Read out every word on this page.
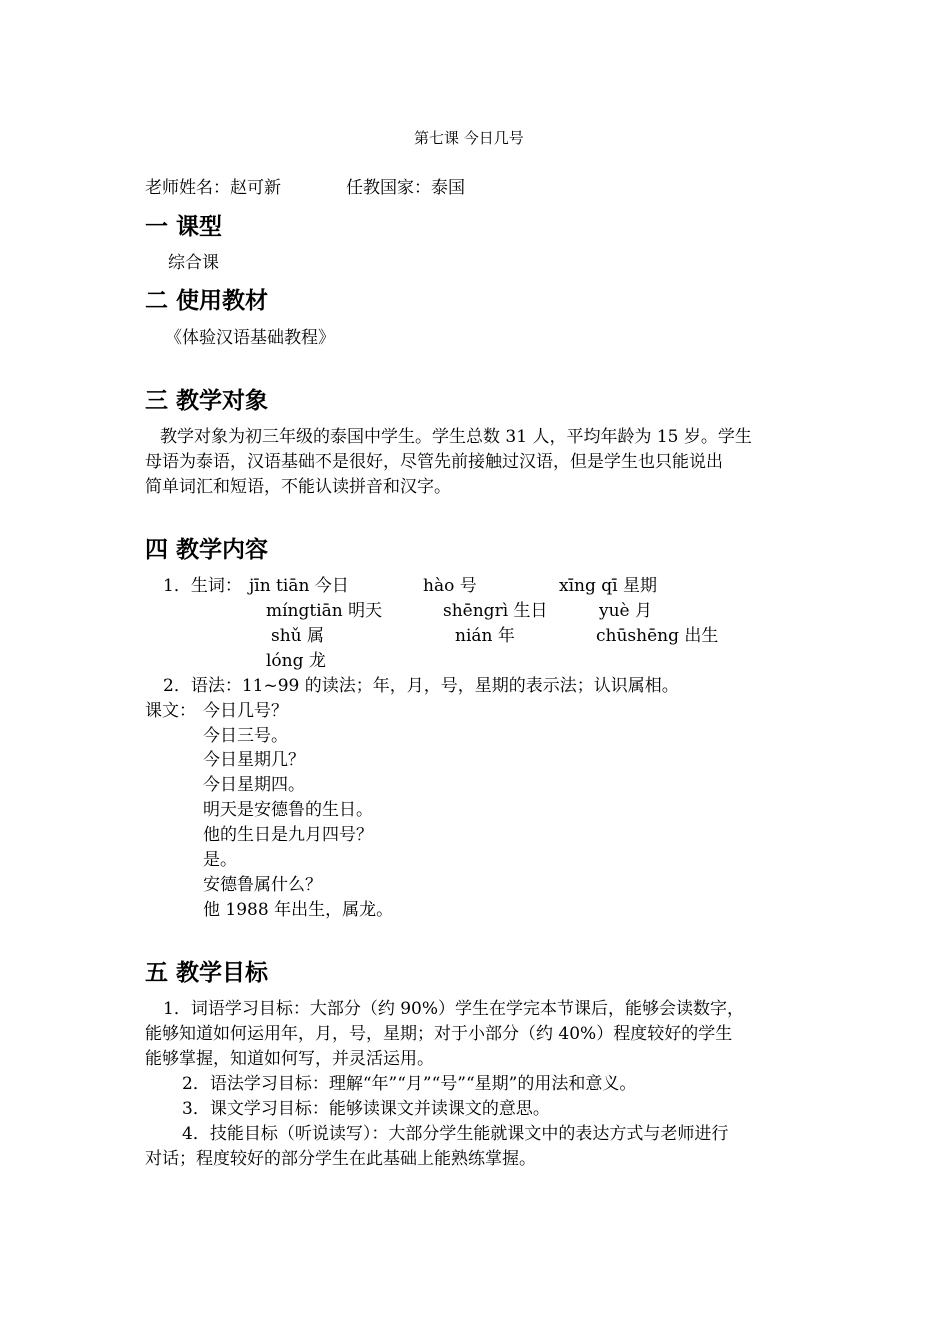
第七课 今日几号
老师姓名：赵可新	任教国家：泰国
一 课型
综合课
二 使用教材
《体验汉语基础教程》
三 教学对象
教学对象为初三年级的泰国中学生。学生总数 31 人，平均年龄为 15 岁。学生
母语为泰语，汉语基础不是很好，尽管先前接触过汉语，但是学生也只能说出
简单词汇和短语，不能认读拼音和汉字。
四 教学内容
1．生词： jīn tiān 今日	hào 号	xīng qī 星期
míngtiān 明天	shēngrì 生日	yuè 月
shǔ 属	nián 年	chūshēng 出生
lóng 龙
2．语法：11~99 的读法；年，月，号，星期的表示法；认识属相。
课文： 今日几号？
今日三号。
今日星期几？
今日星期四。
明天是安德鲁的生日。
他的生日是九月四号？
是。
安德鲁属什么？
他 1988 年出生，属龙。
五 教学目标
1．词语学习目标：大部分（约 90%）学生在学完本节课后，能够会读数字，
能够知道如何运用年，月，号，星期；对于小部分（约 40%）程度较好的学生
能够掌握，知道如何写，并灵活运用。
2．语法学习目标：理解“年”“月”“号”“星期”的用法和意义。
3．课文学习目标：能够读课文并读课文的意思。
4．技能目标（听说读写）：大部分学生能就课文中的表达方式与老师进行
对话；程度较好的部分学生在此基础上能熟练掌握。
